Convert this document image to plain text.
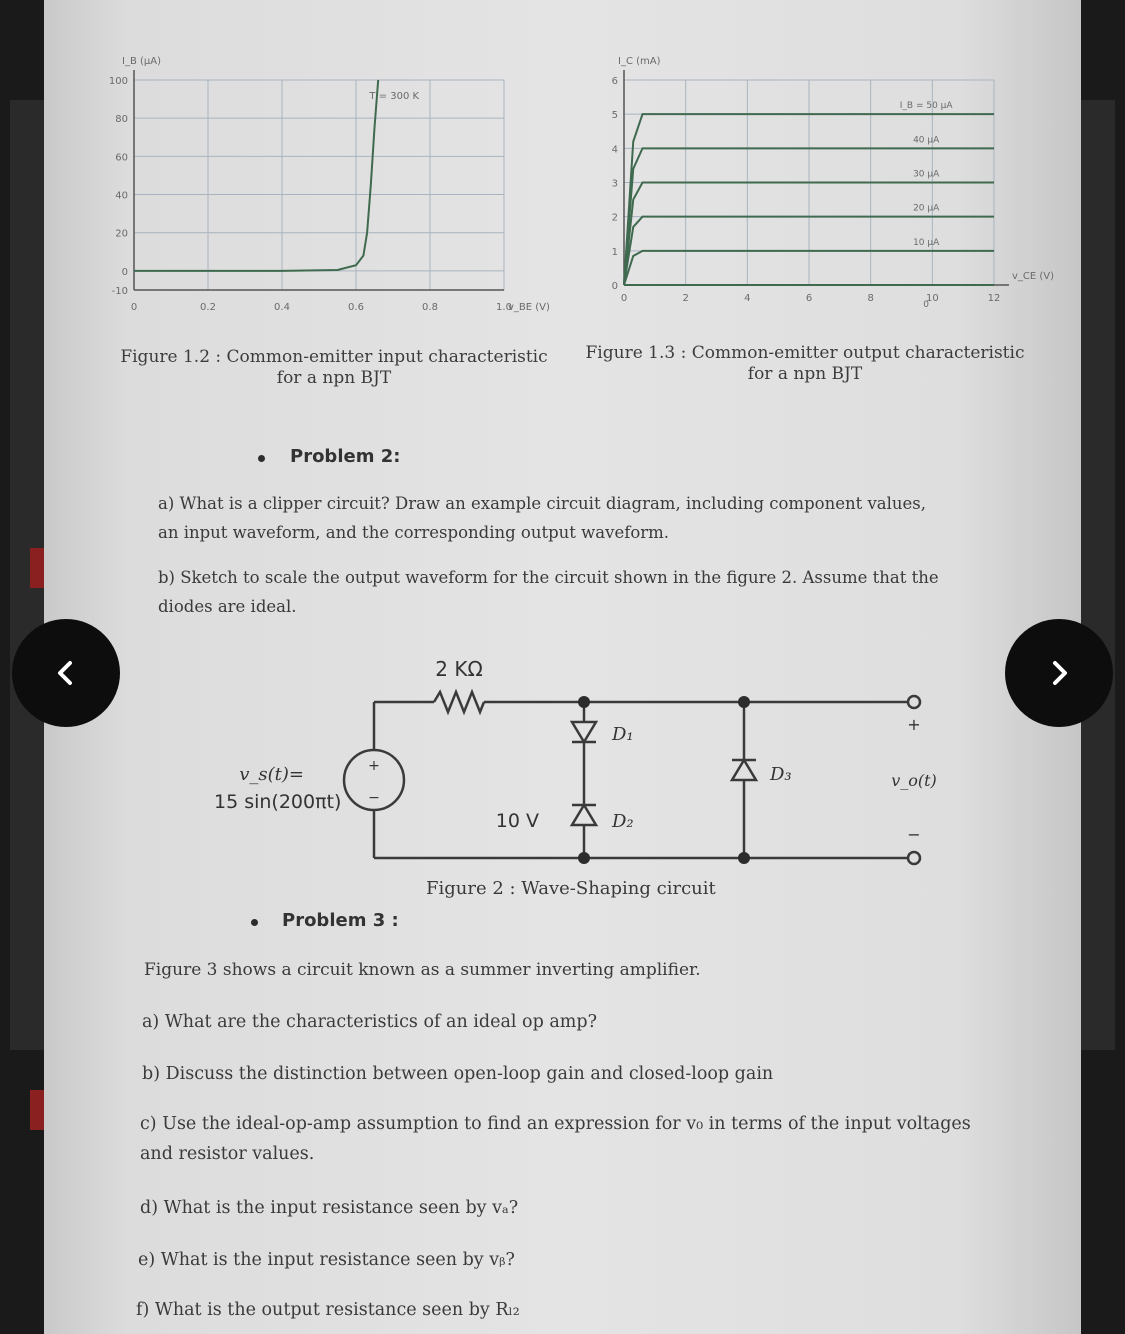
100
80
60
40
20
0
-10
0	0.2	0.4	0.6	0.8	1.0
I_B (μA)
v_BE (V)
T = 300 K
6
5
4
3
2
1
0
0	2	4	6	8	10	12
I_C (mA)
v_CE (V)
I_B = 50 μA
40 μA
30 μA
20 μA
10 μA
0
Figure 1.2 : Common-emitter input characteristic
for a npn BJT
Figure 1.3 : Common-emitter output characteristic
for a npn BJT
Problem 2:
a) What is a clipper circuit? Draw an example circuit diagram, including component values,
an input waveform, and the corresponding output waveform.
b) Sketch to scale the output waveform for the circuit shown in the figure 2. Assume that the
diodes are ideal.
+
−
2 KΩ
v_s(t)=
15 sin(200πt)
10 V
D₁
D₂
D₃	v_o(t)
+
−
Figure 2 : Wave-Shaping circuit
Problem 3 :
Figure 3 shows a circuit known as a summer inverting amplifier.
a) What are the characteristics of an ideal op amp?
b) Discuss the distinction between open-loop gain and closed-loop gain
c) Use the ideal-op-amp assumption to find an expression for v₀ in terms of the input voltages
and resistor values.
d) What is the input resistance seen by vₐ?
e) What is the input resistance seen by vᵦ?
f) What is the output resistance seen by Rₗ₂
